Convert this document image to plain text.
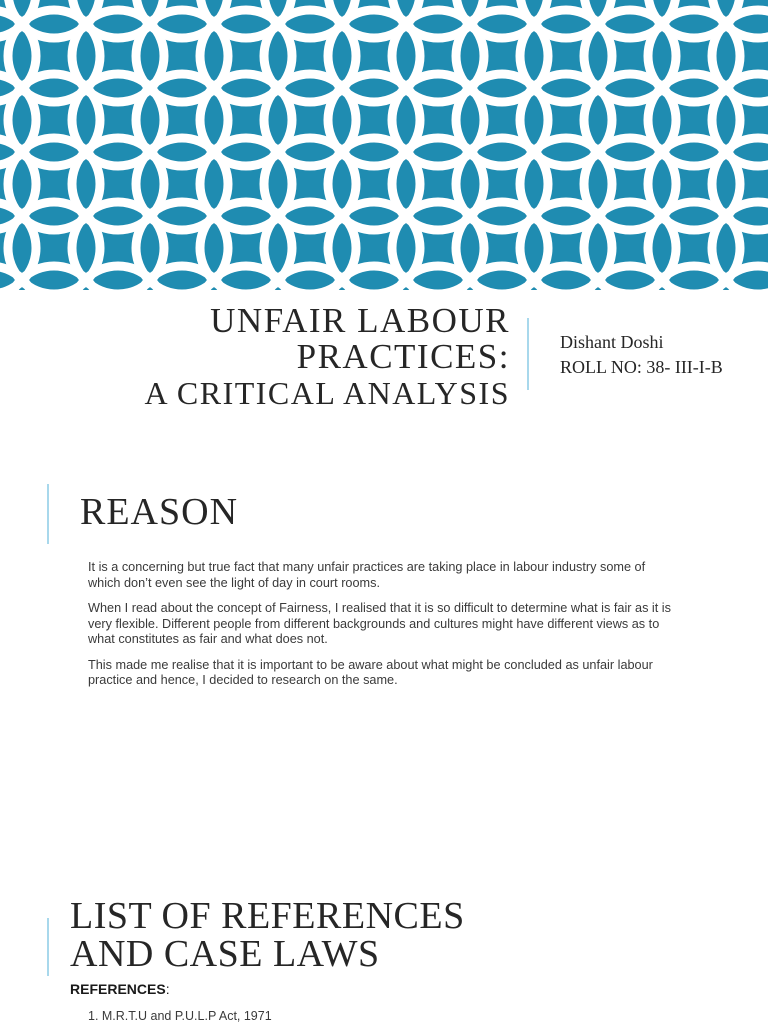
UNFAIR LABOUR

PRACTICES:

A CRITICAL ANALYSIS

Dishant Doshi
ROLL NO: 38- III-I-B
REASON

It is a concerning but true fact that many unfair practices are taking place in labour industry some of which don’t even see the light of day in court rooms.

When I read about the concept of Fairness, I realised that it is so difficult to determine what is fair as it is very flexible. Different people from different backgrounds and cultures might have different views as to what constitutes as fair and what does not.

This made me realise that it is important to be aware about what might be concluded as unfair labour practice and hence, I decided to research on the same.

LIST OF REFERENCES
AND CASE LAWS
REFERENCES:
1. M.R.T.U and P.U.L.P Act, 1971
